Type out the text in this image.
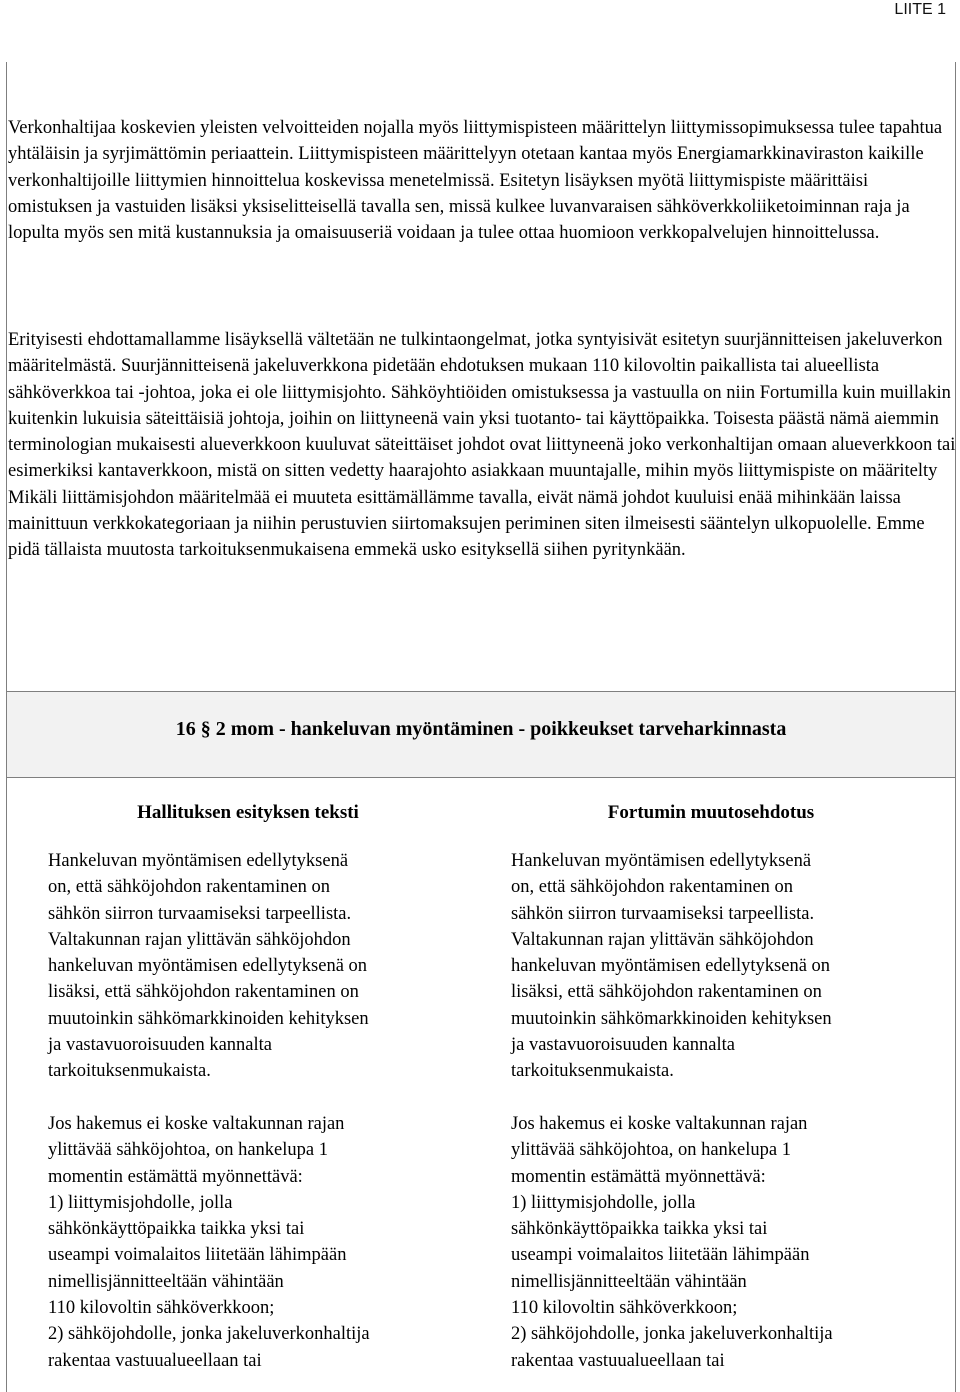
LIITE 1

Verkonhaltijaa koskevien yleisten velvoitteiden nojalla myös liittymispisteen määrittelyn liittymissopimuksessa tulee tapahtua yhtäläisin ja syrjimättömin periaattein. Liittymispisteen määrittelyyn otetaan kantaa myös Energiamarkkinaviraston kaikille verkonhaltijoille liittymien hinnoittelua koskevissa menetelmissä. Esitetyn lisäyksen myötä liittymispiste määrittäisi omistuksen ja vastuiden lisäksi yksiselitteisellä tavalla sen, missä kulkee luvanvaraisen sähköverkkoliiketoiminnan raja ja lopulta myös sen mitä kustannuksia ja omaisuuseriä voidaan ja tulee ottaa huomioon verkkopalvelujen hinnoittelussa.

Erityisesti ehdottamallamme lisäyksellä vältetään ne tulkintaongelmat, jotka syntyisivät esitetyn suurjännitteisen jakeluverkon määritelmästä. Suurjännitteisenä jakeluverkkona pidetään ehdotuksen mukaan 110 kilovoltin paikallista tai alueellista sähköverkkoa tai -johtoa, joka ei ole liittymisjohto. Sähköyhtiöiden omistuksessa ja vastuulla on niin Fortumilla kuin muillakin kuitenkin lukuisia säteittäisiä johtoja, joihin on liittyneenä vain yksi tuotanto- tai käyttöpaikka. Toisesta päästä nämä aiemmin terminologian mukaisesti alueverkkoon kuuluvat säteittäiset johdot ovat liittyneenä joko verkonhaltijan omaan alueverkkoon tai esimerkiksi kantaverkkoon, mistä on sitten vedetty haarajohto asiakkaan muuntajalle, mihin myös liittymispiste on määritelty Mikäli liittämisjohdon määritelmää ei muuteta esittämällämme tavalla, eivät nämä johdot kuuluisi enää mihinkään laissa mainittuun verkkokategoriaan ja niihin perustuvien siirtomaksujen periminen siten ilmeisesti sääntelyn ulkopuolelle. Emme pidä tällaista muutosta tarkoituksenmukaisena emmekä usko esityksellä siihen pyritynkään.

16 § 2 mom - hankeluvan myöntäminen - poikkeukset tarveharkinnasta
Hallituksen esityksen teksti
Hankeluvan myöntämisen edellytyksenä
on, että sähköjohdon rakentaminen on
sähkön siirron turvaamiseksi tarpeellista.
Valtakunnan rajan ylittävän sähköjohdon
hankeluvan myöntämisen edellytyksenä on
lisäksi, että sähköjohdon rakentaminen on
muutoinkin sähkömarkkinoiden kehityksen
ja vastavuoroisuuden kannalta
tarkoituksenmukaista.
Jos hakemus ei koske valtakunnan rajan
ylittävää sähköjohtoa, on hankelupa 1
momentin estämättä myönnettävä:
1) liittymisjohdolle, jolla
sähkönkäyttöpaikka taikka yksi tai
useampi voimalaitos liitetään lähimpään
nimellisjännitteeltään vähintään
110 kilovoltin sähköverkkoon;
2) sähköjohdolle, jonka jakeluverkonhaltija
rakentaa vastuualueellaan tai
Fortumin muutosehdotus
Hankeluvan myöntämisen edellytyksenä
on, että sähköjohdon rakentaminen on
sähkön siirron turvaamiseksi tarpeellista.
Valtakunnan rajan ylittävän sähköjohdon
hankeluvan myöntämisen edellytyksenä on
lisäksi, että sähköjohdon rakentaminen on
muutoinkin sähkömarkkinoiden kehityksen
ja vastavuoroisuuden kannalta
tarkoituksenmukaista.
Jos hakemus ei koske valtakunnan rajan
ylittävää sähköjohtoa, on hankelupa 1
momentin estämättä myönnettävä:
1) liittymisjohdolle, jolla
sähkönkäyttöpaikka taikka yksi tai
useampi voimalaitos liitetään lähimpään
nimellisjännitteeltään vähintään
110 kilovoltin sähköverkkoon;
2) sähköjohdolle, jonka jakeluverkonhaltija
rakentaa vastuualueellaan tai
